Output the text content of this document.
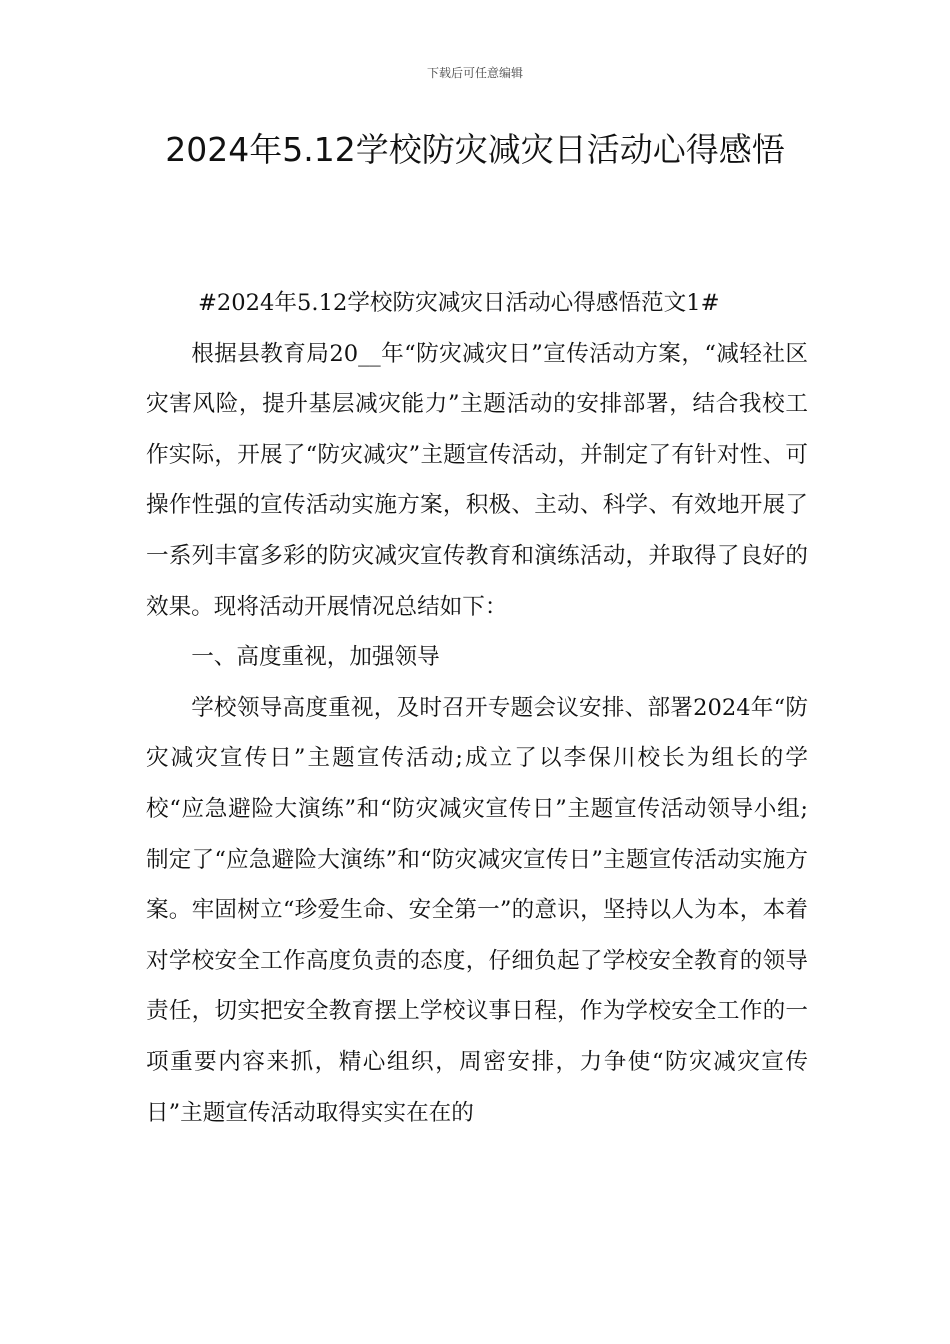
下载后可任意编辑
2024年5.12学校防灾减灾日活动心得感悟

#2024年5.12学校防灾减灾日活动心得感悟范文1#

根据县教育局20__年“防灾减灾日”宣传活动方案，“减轻社区灾害风险，提升基层减灾能力”主题活动的安排部署，结合我校工作实际，开展了“防灾减灾”主题宣传活动，并制定了有针对性、可操作性强的宣传活动实施方案，积极、主动、科学、有效地开展了一系列丰富多彩的防灾减灾宣传教育和演练活动，并取得了良好的效果。现将活动开展情况总结如下：

一、高度重视，加强领导

学校领导高度重视，及时召开专题会议安排、部署2024年“防灾减灾宣传日”主题宣传活动;成立了以李保川校长为组长的学校“应急避险大演练”和“防灾减灾宣传日”主题宣传活动领导小组;制定了“应急避险大演练”和“防灾减灾宣传日”主题宣传活动实施方案。牢固树立“珍爱生命、安全第一”的意识，坚持以人为本，本着对学校安全工作高度负责的态度，仔细负起了学校安全教育的领导责任，切实把安全教育摆上学校议事日程，作为学校安全工作的一项重要内容来抓，精心组织，周密安排，力争使“防灾减灾宣传日”主题宣传活动取得实实在在的
